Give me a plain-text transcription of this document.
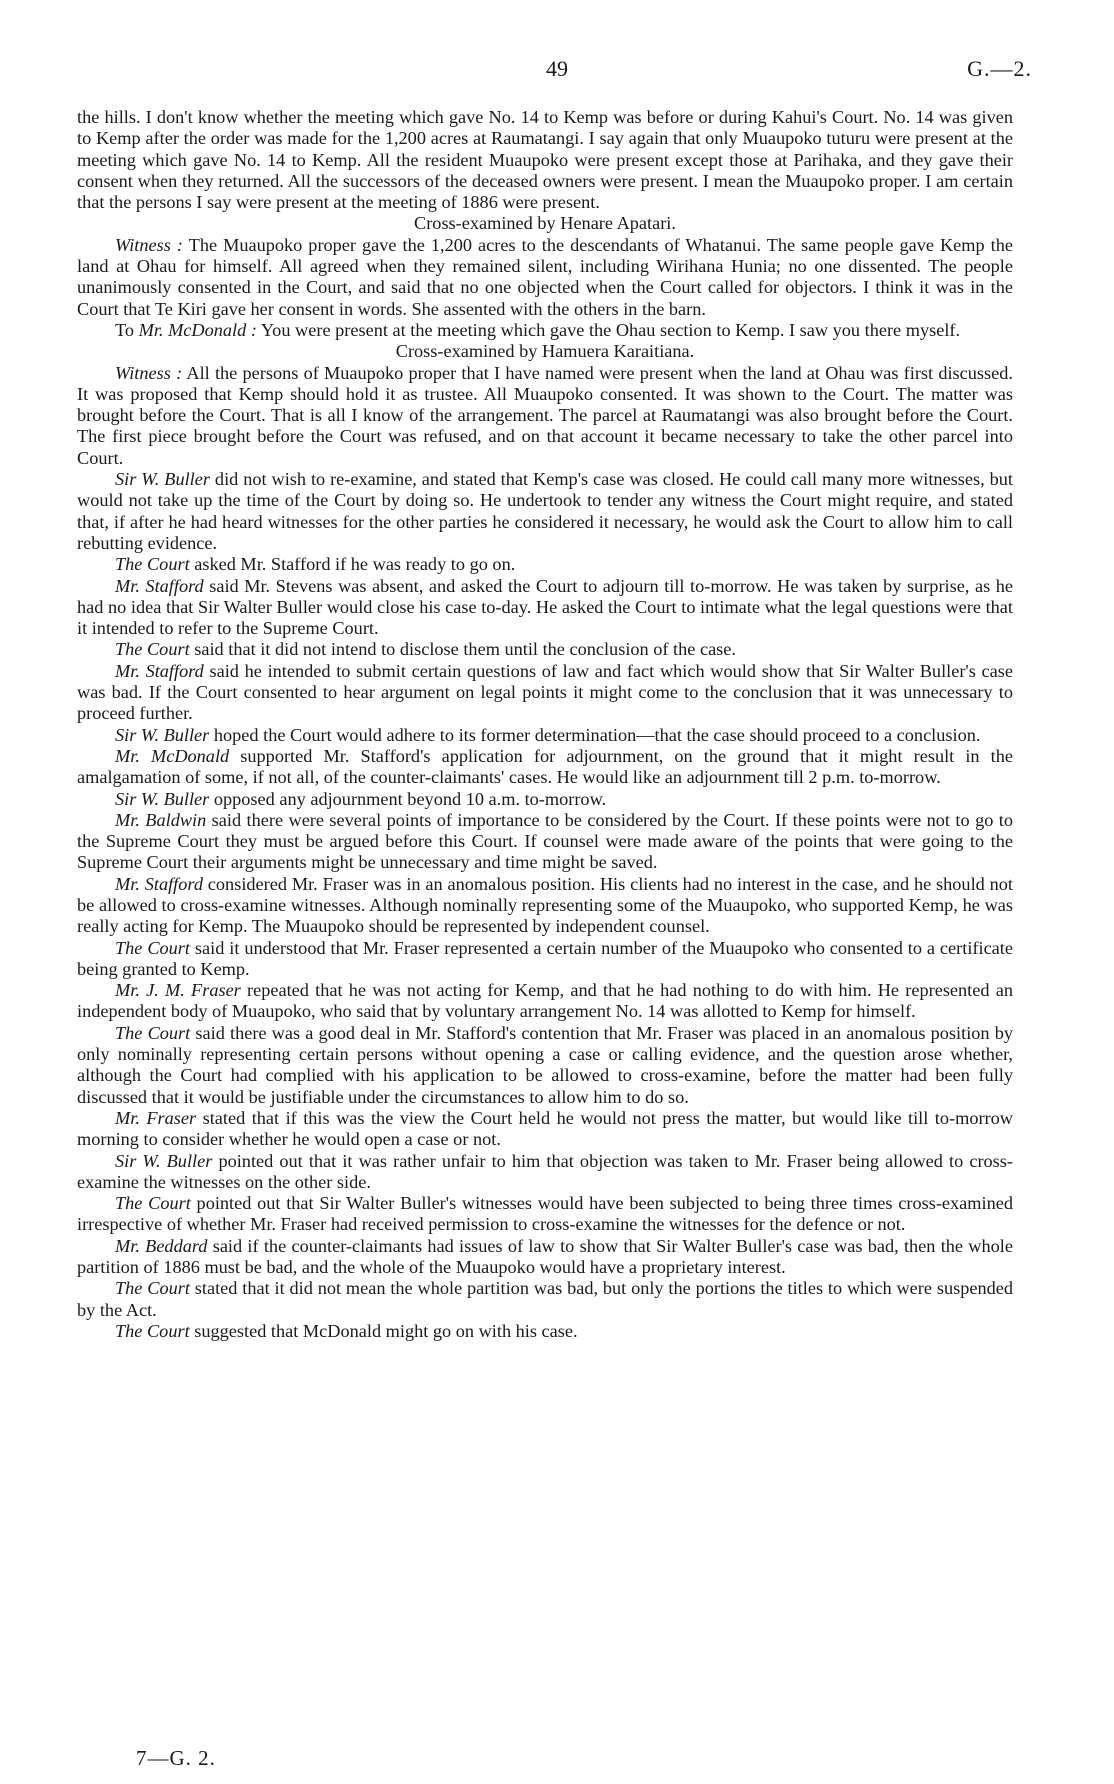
49	G.—2.

the hills. I don't know whether the meeting which gave No. 14 to Kemp was before or during Kahui's Court. No. 14 was given to Kemp after the order was made for the 1,200 acres at Raumatangi. I say again that only Muaupoko tuturu were present at the meeting which gave No. 14 to Kemp. All the resident Muaupoko were present except those at Parihaka, and they gave their consent when they returned. All the successors of the deceased owners were present. I mean the Muaupoko proper. I am certain that the persons I say were present at the meeting of 1886 were present.

Cross-examined by Henare Apatari.

Witness : The Muaupoko proper gave the 1,200 acres to the descendants of Whatanui. The same people gave Kemp the land at Ohau for himself. All agreed when they remained silent, including Wirihana Hunia; no one dissented. The people unanimously consented in the Court, and said that no one objected when the Court called for objectors. I think it was in the Court that Te Kiri gave her consent in words. She assented with the others in the barn.

To Mr. McDonald : You were present at the meeting which gave the Ohau section to Kemp. I saw you there myself.

Cross-examined by Hamuera Karaitiana.

Witness : All the persons of Muaupoko proper that I have named were present when the land at Ohau was first discussed. It was proposed that Kemp should hold it as trustee. All Muaupoko consented. It was shown to the Court. The matter was brought before the Court. That is all I know of the arrangement. The parcel at Raumatangi was also brought before the Court. The first piece brought before the Court was refused, and on that account it became necessary to take the other parcel into Court.

Sir W. Buller did not wish to re-examine, and stated that Kemp's case was closed. He could call many more witnesses, but would not take up the time of the Court by doing so. He undertook to tender any witness the Court might require, and stated that, if after he had heard witnesses for the other parties he considered it necessary, he would ask the Court to allow him to call rebutting evidence.

The Court asked Mr. Stafford if he was ready to go on.

Mr. Stafford said Mr. Stevens was absent, and asked the Court to adjourn till to-morrow. He was taken by surprise, as he had no idea that Sir Walter Buller would close his case to-day. He asked the Court to intimate what the legal questions were that it intended to refer to the Supreme Court.

The Court said that it did not intend to disclose them until the conclusion of the case.

Mr. Stafford said he intended to submit certain questions of law and fact which would show that Sir Walter Buller's case was bad. If the Court consented to hear argument on legal points it might come to the conclusion that it was unnecessary to proceed further.

Sir W. Buller hoped the Court would adhere to its former determination—that the case should proceed to a conclusion.

Mr. McDonald supported Mr. Stafford's application for adjournment, on the ground that it might result in the amalgamation of some, if not all, of the counter-claimants' cases. He would like an adjournment till 2 p.m. to-morrow.

Sir W. Buller opposed any adjournment beyond 10 a.m. to-morrow.

Mr. Baldwin said there were several points of importance to be considered by the Court. If these points were not to go to the Supreme Court they must be argued before this Court. If counsel were made aware of the points that were going to the Supreme Court their arguments might be unnecessary and time might be saved.

Mr. Stafford considered Mr. Fraser was in an anomalous position. His clients had no interest in the case, and he should not be allowed to cross-examine witnesses. Although nominally representing some of the Muaupoko, who supported Kemp, he was really acting for Kemp. The Muaupoko should be represented by independent counsel.

The Court said it understood that Mr. Fraser represented a certain number of the Muaupoko who consented to a certificate being granted to Kemp.

Mr. J. M. Fraser repeated that he was not acting for Kemp, and that he had nothing to do with him. He represented an independent body of Muaupoko, who said that by voluntary arrangement No. 14 was allotted to Kemp for himself.

The Court said there was a good deal in Mr. Stafford's contention that Mr. Fraser was placed in an anomalous position by only nominally representing certain persons without opening a case or calling evidence, and the question arose whether, although the Court had complied with his application to be allowed to cross-examine, before the matter had been fully discussed that it would be justifiable under the circumstances to allow him to do so.

Mr. Fraser stated that if this was the view the Court held he would not press the matter, but would like till to-morrow morning to consider whether he would open a case or not.

Sir W. Buller pointed out that it was rather unfair to him that objection was taken to Mr. Fraser being allowed to cross-examine the witnesses on the other side.

The Court pointed out that Sir Walter Buller's witnesses would have been subjected to being three times cross-examined irrespective of whether Mr. Fraser had received permission to cross-examine the witnesses for the defence or not.

Mr. Beddard said if the counter-claimants had issues of law to show that Sir Walter Buller's case was bad, then the whole partition of 1886 must be bad, and the whole of the Muaupoko would have a proprietary interest.

The Court stated that it did not mean the whole partition was bad, but only the portions the titles to which were suspended by the Act.

The Court suggested that McDonald might go on with his case.

7—G. 2.
